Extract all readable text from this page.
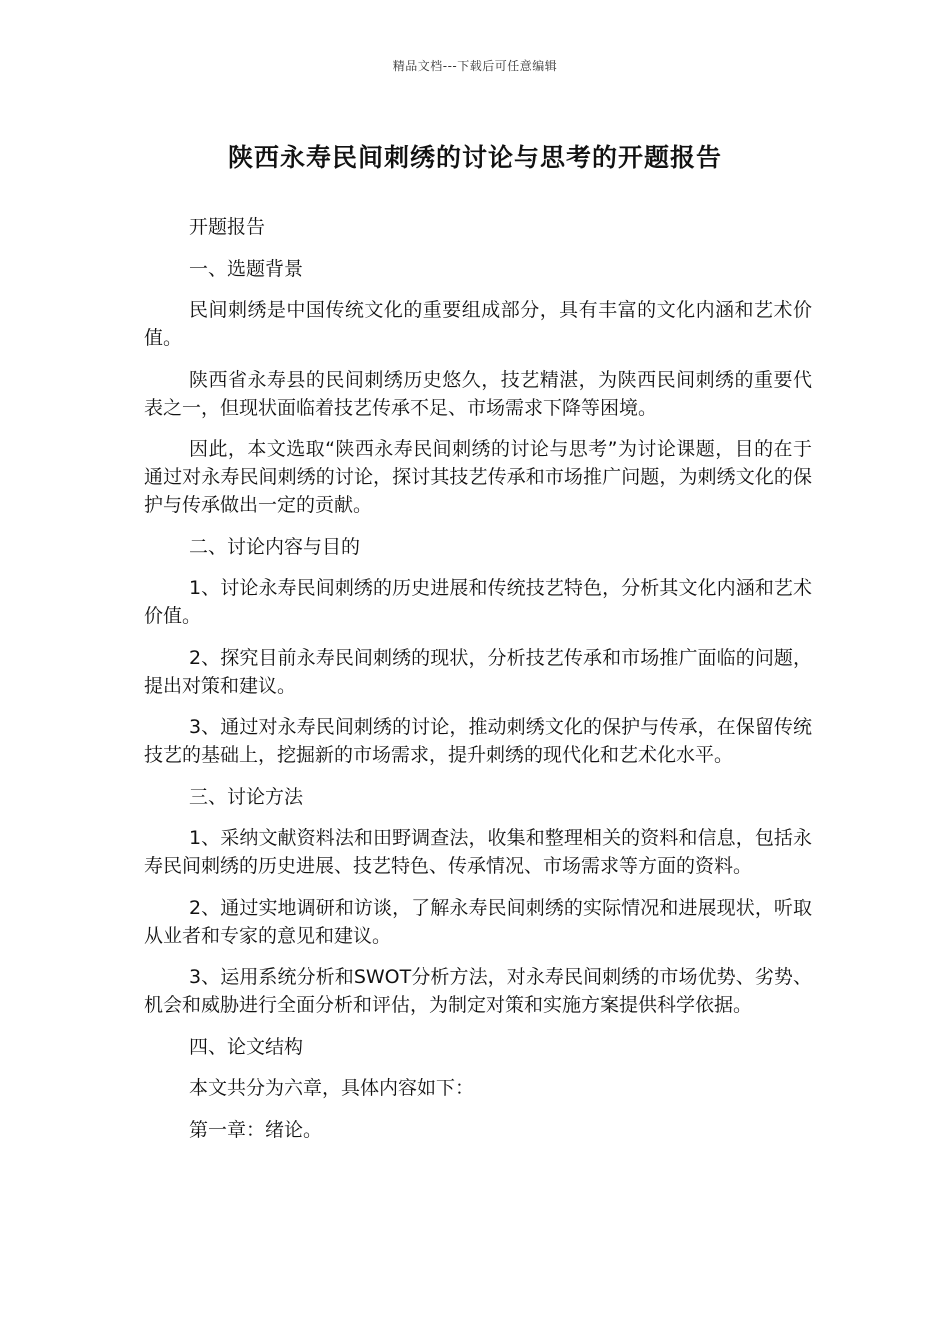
精品文档---下载后可任意编辑
陕西永寿民间刺绣的讨论与思考的开题报告

开题报告

一、选题背景

民间刺绣是中国传统文化的重要组成部分，具有丰富的文化内涵和艺术价值。

陕西省永寿县的民间刺绣历史悠久，技艺精湛，为陕西民间刺绣的重要代表之一，但现状面临着技艺传承不足、市场需求下降等困境。

因此，本文选取“陕西永寿民间刺绣的讨论与思考”为讨论课题，目的在于通过对永寿民间刺绣的讨论，探讨其技艺传承和市场推广问题，为刺绣文化的保护与传承做出一定的贡献。

二、讨论内容与目的

1、讨论永寿民间刺绣的历史进展和传统技艺特色，分析其文化内涵和艺术价值。

2、探究目前永寿民间刺绣的现状，分析技艺传承和市场推广面临的问题，提出对策和建议。

3、通过对永寿民间刺绣的讨论，推动刺绣文化的保护与传承，在保留传统技艺的基础上，挖掘新的市场需求，提升刺绣的现代化和艺术化水平。

三、讨论方法

1、采纳文献资料法和田野调查法，收集和整理相关的资料和信息，包括永寿民间刺绣的历史进展、技艺特色、传承情况、市场需求等方面的资料。

2、通过实地调研和访谈，了解永寿民间刺绣的实际情况和进展现状，听取从业者和专家的意见和建议。

3、运用系统分析和SWOT分析方法，对永寿民间刺绣的市场优势、劣势、机会和威胁进行全面分析和评估，为制定对策和实施方案提供科学依据。

四、论文结构

本文共分为六章，具体内容如下：

第一章：绪论。
